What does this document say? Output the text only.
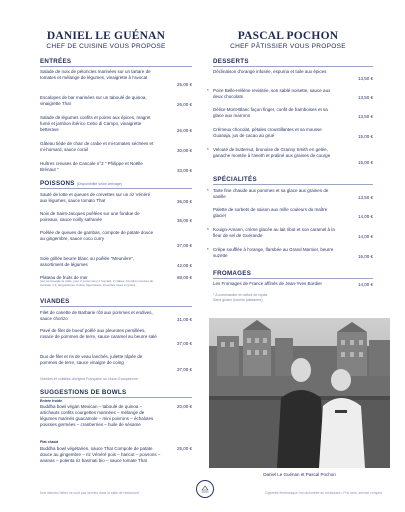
DANIEL LE GUÉNAN
CHEF DE CUISINE VOUS PROPOSE
PASCAL POCHON
CHEF PÂTISSIER VOUS PROPOSE
ENTRÉES
Salade de noix de pétoncles marinées sur un tartare de tomates et mélange de légumes, vinaigrette à l'avocat
26,00 €
Escalopes de bar marinées sur un taboulé de quinoa, vinaigrette Thaï	26,00 €
Salade de légumes confits et poires aux épices, magret fumé et jambon ibérico Cebo di Campo, vinaigrette betterave	26,00 €
Gâteau tiède de chair de crabe et mi-tomates séchées et mi-homard, sauce corail	30,00 €
Huîtres creuses de Cancale n°2 " Philippe et Noëlle Brénaut "	33,00 €
POISSONS (Disponibilité selon arrivage)
Sauté de lotte et queues de crevettes sur un riz Vénéré aux légumes, sauce tomato Thaï	36,00 €
Noix de Saint-Jacques poêlées sur une fondue de poireaux, sauce noilly safranée	36,00 €
Poêlée de queues de gambas, compote de patate douce au gingembre, sauce coco curry
37,00 €
Sole grillée beurre blanc ou poêlée "Meunière", assortiment de légumes	42,00 €
Plateau de fruits de mer
(sur commande la veille, pour 2 personnes) 1 homard, 2 crabes, 6 huîtres creuses de Cancale n°2, langoustines, bulots, bigorneaux, crevettes roses et grises
88,00 €
VIANDES
Filet de canette de Barbarie rôti aux pommes et endives, sauce chorizo	31,00 €
Pavé de filet de boeuf poêlé aux pleurotes persillées, rosace de pommes de terre, sauce caramel au beurre salé
37,00 €
Duo de filet et ris de veau lanchés, juliette râpée de pommes de terre, sauce vinaigre de coing
37,00 €
Viandes et volailles d'origine Française ou Union Européenne
SUGGESTIONS DE BOWLS
Entrée froide
Buddha bowl végan Mexican – taboulé de quinoa – artichauts confits courgettes marinées – mélange de légumes marinés guacamole – mini poivrons – échalotes pousses germées – cranberries – huile de sésame
20,00 €
Plat chaud
Buddha bowl végétarien, sauce Thaï Compote de patate douce au gingembre – riz Vénéré pois – haricot – poivrons – ananas – polenta riz basmati bio – sauce tomate Thaï
25,00 €
DESSERTS
Déclinaison d'orange infusée, espuma et tuile aux épices
13,50 €
* Poire Belle-Hélène revisitée, son sablé noisette, sauce aux deux chocolats	13,50 €
Délice Mont-Blanc façon finger, confit de framboises et sa glace aux marrons	13,50 €
Crémeux chocolat, pétales croustillantes et sa mousse Guanaja, jus de cacao au grué	15,00 €
* Velouté de butternut, brunoise de Granny Smith en gelée, ganache montée à l'aneth et praliné aux graines de courge
15,00 €
SPÉCIALITÉS
* Tarte fine chaude aux pommes et sa glace aux graines de vanille	13,50 €
Palette de sorbets de saison aux mille couleurs du maître glacier	14,00 €
* Kouign-Amann, crème glacée au lait ribot et son caramel à la fleur de sel de Guérande	14,00 €
* Crêpe soufflée à l'orange, flambée au Grand Marnier, beurre suzette	16,00 €
FROMAGES
Les Fromages de France affinés de Jean-Yves Bordier	14,00 €
* A commander en début de repas
Sans gluten (hormis pâtisserie)
Daniel Le Guénan et Pascal Pochon
Nos viandes bêtes ne sont pas servies dans la salle de restaurant	Cigarette électronique non autorisée au restaurant • Prix nets, service compris
